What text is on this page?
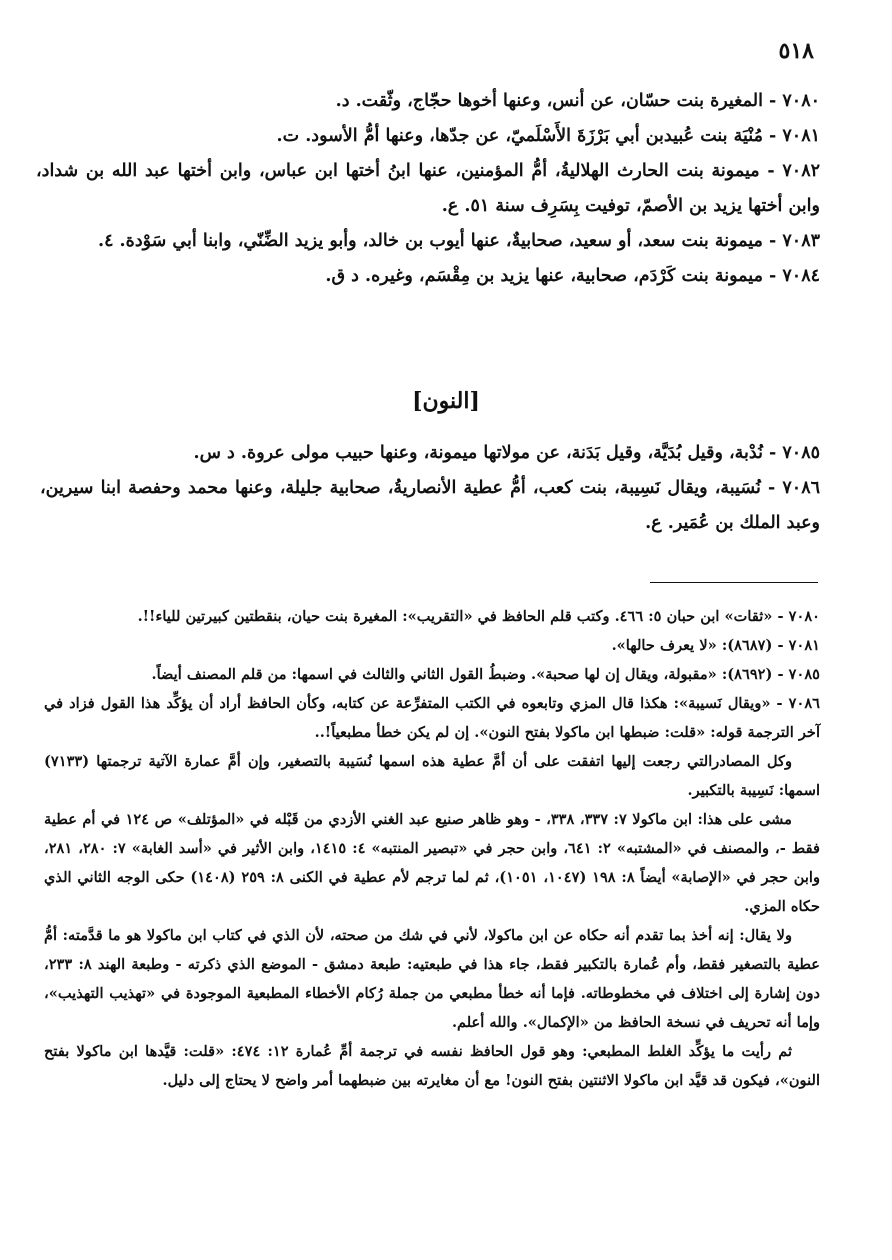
٥١٨

٧٠٨٠ - المغيرة بنت حسّان، عن أنس، وعنها أخوها حجّاج، وثّقت. د.

٧٠٨١ - مُنْيَة بنت عُبيدبن أبي بَرْزَةَ الأَسْلَميّ، عن جدّها، وعنها أمُّ الأسود. ت.

٧٠٨٢ - ميمونة بنت الحارث الهلاليةُ، أمُّ المؤمنين، عنها ابنُ أختها ابن عباس، وابن أختها عبد الله بن شداد، وابن أختها يزيد بن الأصمّ، توفيت بِسَرِف سنة ٥١. ع.

٧٠٨٣ - ميمونة بنت سعد، أو سعيد، صحابيةٌ، عنها أيوب بن خالد، وأبو يزيد الضِّنّي، وابنا أبي سَوْدة. ٤.

٧٠٨٤ - ميمونة بنت كَرْدَم، صحابية، عنها يزيد بن مِقْسَم، وغيره. د ق.

[النون]

٧٠٨٥ - نُدْبة، وقيل بُدَيَّة، وقيل بَدَنة، عن مولاتها ميمونة، وعنها حبيب مولى عروة. د س.

٧٠٨٦ - نُسَيبة، ويقال نَسِيبة، بنت كعب، أمُّ عطية الأنصاريةُ، صحابية جليلة، وعنها محمد وحفصة ابنا سيرين، وعبد الملك بن عُمَير. ع.

٧٠٨٠ - «ثقات» ابن حبان ٥: ٤٦٦. وكتب قلم الحافظ في «التقريب»: المغيرة بنت حيان، بنقطتين كبيرتين للياء!!.

٧٠٨١ - (٨٦٨٧): «لا يعرف حالها».

٧٠٨٥ - (٨٦٩٢): «مقبولة، ويقال إن لها صحبة». وضبطُ القول الثاني والثالث في اسمها: من قلم المصنف أيضاً.

٧٠٨٦ - «ويقال نَسيبة»: هكذا قال المزي وتابعوه في الكتب المتفرِّعة عن كتابه، وكأن الحافظ أراد أن يؤكِّد هذا القول فزاد في آخر الترجمة قوله: «قلت: ضبطها ابن ماكولا بفتح النون». إن لم يكن خطأ مطبعياً!..

وكل المصادرالتي رجعت إليها اتفقت على أن أمَّ عطية هذه اسمها نُسَيبة بالتصغير، وإن أمَّ عمارة الآتية ترجمتها (٧١٣٣) اسمها: نَسِيبة بالتكبير.

مشى على هذا: ابن ماكولا ٧: ٣٣٧، ٣٣٨، - وهو ظاهر صنيع عبد الغني الأزدي من قَبْله في «المؤتلف» ص ١٢٤ في أم عطية فقط -، والمصنف في «المشتبه» ٢: ٦٤١، وابن حجر في «تبصير المنتبه» ٤: ١٤١٥، وابن الأثير في «أسد الغابة» ٧: ٢٨٠، ٢٨١، وابن حجر في «الإصابة» أيضاً ٨: ١٩٨ (١٠٤٧، ١٠٥١)، ثم لما ترجم لأم عطية في الكنى ٨: ٢٥٩ (١٤٠٨) حكى الوجه الثاني الذي حكاه المزي.

ولا يقال: إنه أخذ بما تقدم أنه حكاه عن ابن ماكولا، لأني في شك من صحته، لأن الذي في كتاب ابن ماكولا هو ما قدَّمته: أمُّ عطية بالتصغير فقط، وأم عُمارة بالتكبير فقط، جاء هذا في طبعتيه: طبعة دمشق - الموضع الذي ذكرته - وطبعة الهند ٨: ٢٣٣، دون إشارة إلى اختلاف في مخطوطاته. فإما أنه خطأ مطبعي من جملة رُكام الأخطاء المطبعية الموجودة في «تهذيب التهذيب»، وإما أنه تحريف في نسخة الحافظ من «الإكمال». والله أعلم.

ثم رأيت ما يؤكِّد الغلط المطبعي: وهو قول الحافظ نفسه في ترجمة أمِّ عُمارة ١٢: ٤٧٤: «قلت: قيَّدها ابن ماكولا بفتح النون»، فيكون قد قيَّد ابن ماكولا الاثنتين بفتح النون! مع أن مغايرته بين ضبطهما أمر واضح لا يحتاج إلى دليل.
